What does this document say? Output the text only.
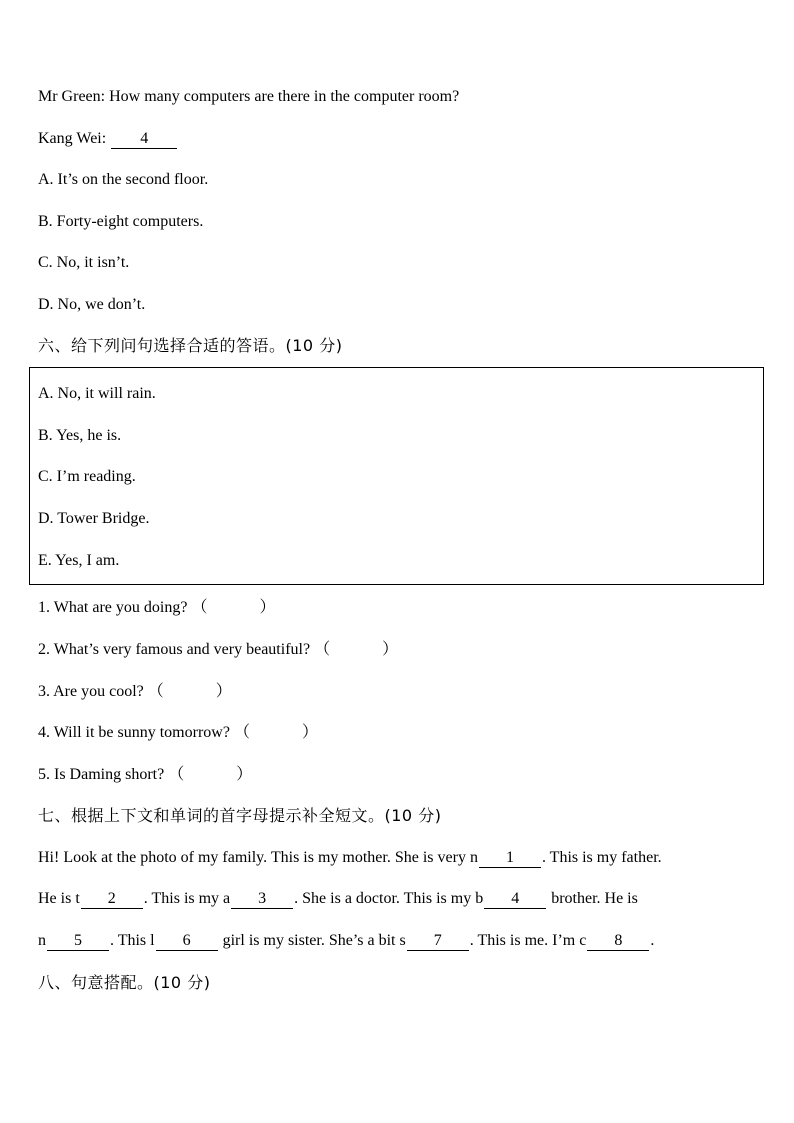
Mr Green: How many computers are there in the computer room?
Kang Wei: 4
A. It’s on the second floor.
B. Forty-eight computers.
C. No, it isn’t.
D. No, we don’t.
六、给下列问句选择合适的答语。(10 分)
A. No, it will rain.
B. Yes, he is.
C. I’m reading.
D. Tower Bridge.
E. Yes, I am.
1. What are you doing? （	）
2. What’s very famous and very beautiful? （	）
3. Are you cool? （	）
4. Will it be sunny tomorrow? （	）
5. Is Daming short? （	）
七、根据上下文和单词的首字母提示补全短文。(10 分)
Hi! Look at the photo of my family. This is my mother. She is very n 1 . This is my father.
He is t 2 . This is my a 3 . She is a doctor. This is my b 4 brother. He is
n 5 . This l 6 girl is my sister. She’s a bit s 7 . This is me. I’m c 8 .
八、句意搭配。(10 分)
